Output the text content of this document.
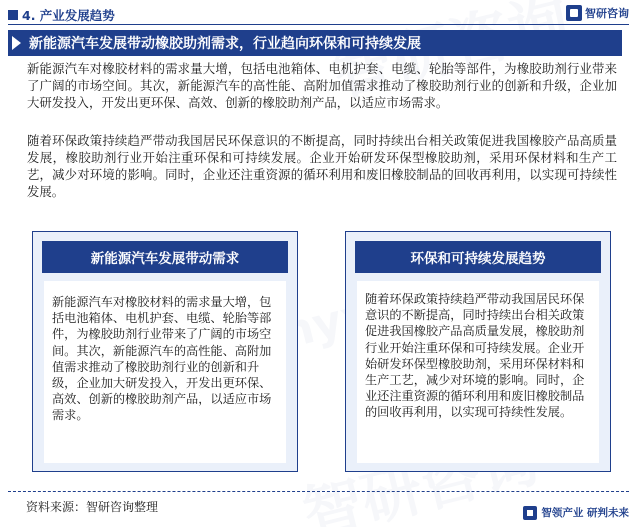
4. 产业发展趋势	智研咨询
新能源汽车发展带动橡胶助剂需求，行业趋向环保和可持续发展

新能源汽车对橡胶材料的需求量大增，包括电池箱体、电机护套、电缆、轮胎等部件，为橡胶助剂行业带来了广阔的市场空间。其次，新能源汽车的高性能、高附加值需求推动了橡胶助剂行业的创新和升级，企业加大研发投入，开发出更环保、高效、创新的橡胶助剂产品，以适应市场需求。

随着环保政策持续趋严带动我国居民环保意识的不断提高，同时持续出台相关政策促进我国橡胶产品高质量发展，橡胶助剂行业开始注重环保和可持续发展。企业开始研发环保型橡胶助剂，采用环保材料和生产工艺，减少对环境的影响。同时，企业还注重资源的循环利用和废旧橡胶制品的回收再利用，以实现可持续性发展。

新能源汽车发展带动需求
新能源汽车对橡胶材料的需求量大增，包括电池箱体、电机护套、电缆、轮胎等部件，为橡胶助剂行业带来了广阔的市场空间。其次，新能源汽车的高性能、高附加值需求推动了橡胶助剂行业的创新和升级，企业加大研发投入，开发出更环保、高效、创新的橡胶助剂产品，以适应市场需求。
环保和可持续发展趋势
随着环保政策持续趋严带动我国居民环保意识的不断提高，同时持续出台相关政策促进我国橡胶产品高质量发展，橡胶助剂行业开始注重环保和可持续发展。企业开始研发环保型橡胶助剂，采用环保材料和生产工艺，减少对环境的影响。同时，企业还注重资源的循环利用和废旧橡胶制品的回收再利用，以实现可持续性发展。
资料来源：智研咨询整理	智领产业 研判未来
